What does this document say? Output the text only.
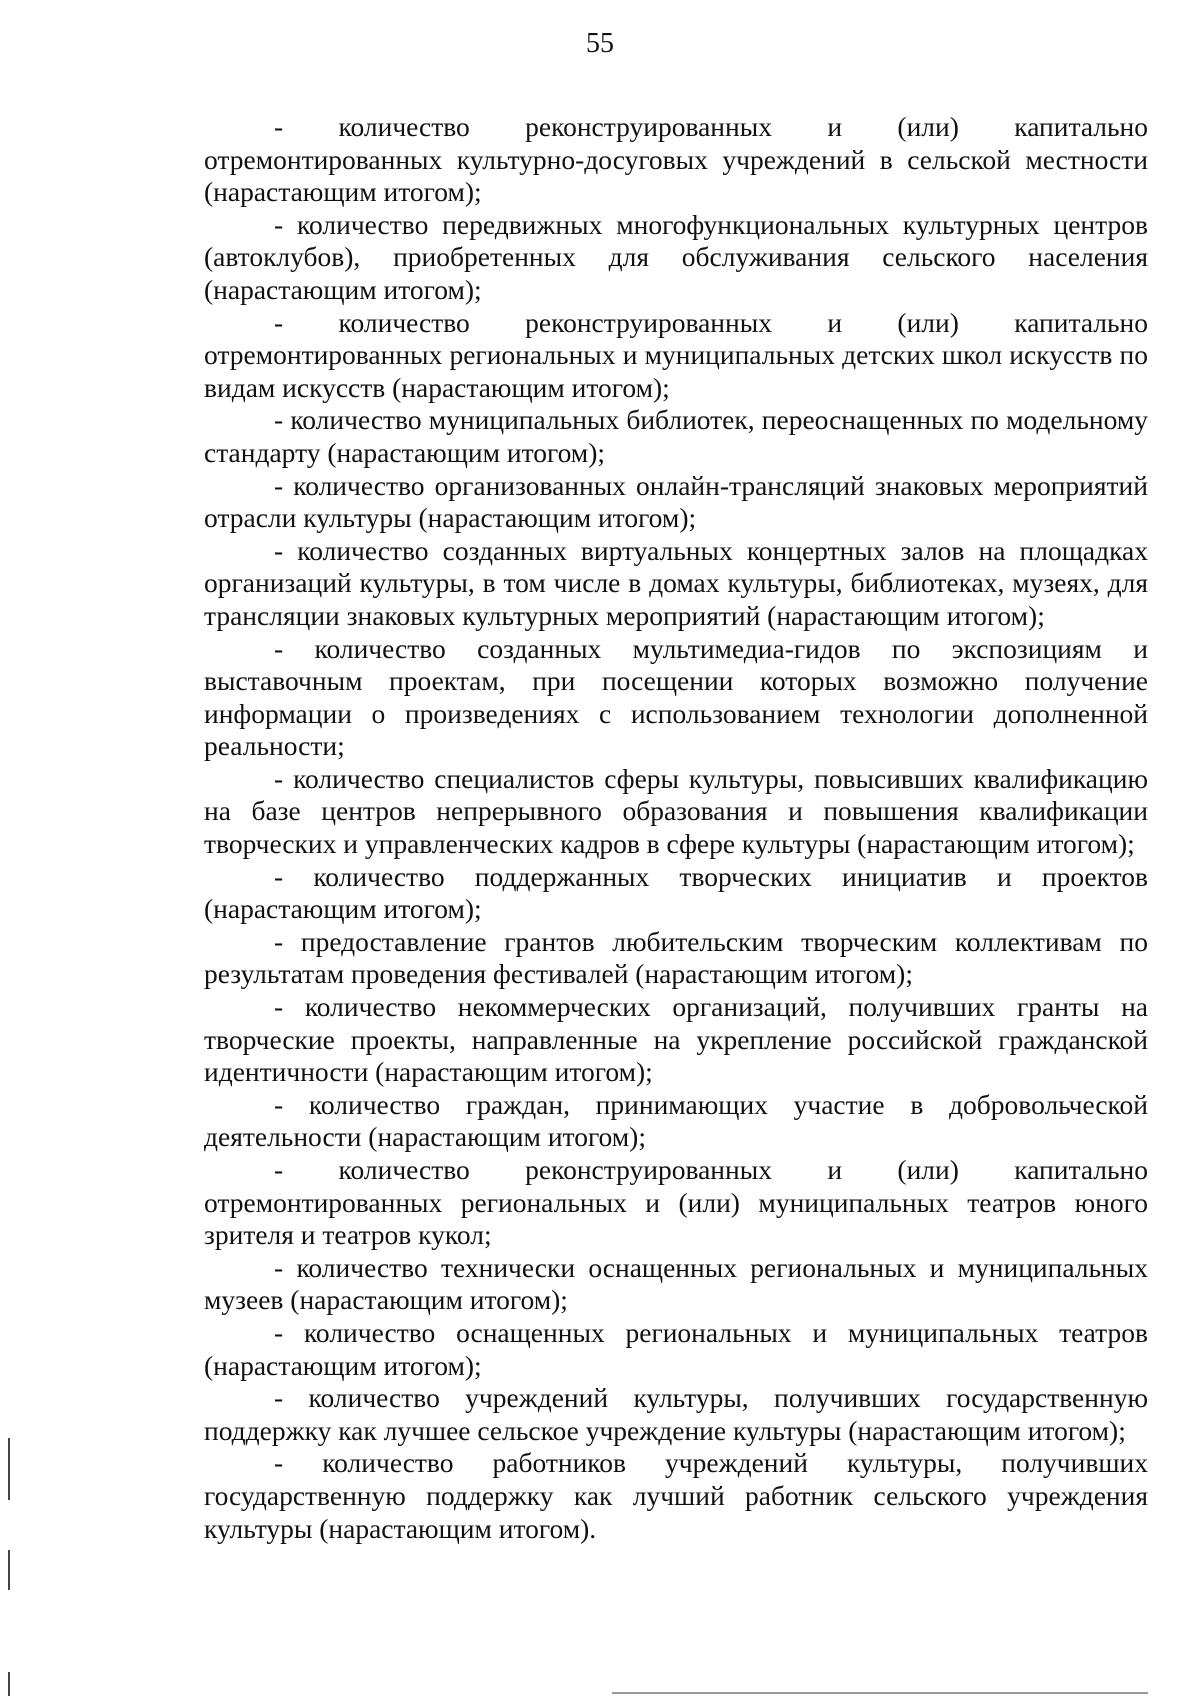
55

- количество реконструированных и (или) капитально отремонтированных культурно-досуговых учреждений в сельской местности (нарастающим итогом);

- количество передвижных многофункциональных культурных центров (автоклубов), приобретенных для обслуживания сельского населения (нарастающим итогом);

- количество реконструированных и (или) капитально отремонтированных региональных и муниципальных детских школ искусств по видам искусств (нарастающим итогом);

- количество муниципальных библиотек, переоснащенных по модельному стандарту (нарастающим итогом);

- количество организованных онлайн-трансляций знаковых мероприятий отрасли культуры (нарастающим итогом);

- количество созданных виртуальных концертных залов на площадках организаций культуры, в том числе в домах культуры, библиотеках, музеях, для трансляции знаковых культурных мероприятий (нарастающим итогом);

- количество созданных мультимедиа-гидов по экспозициям и выставочным проектам, при посещении которых возможно получение информации о произведениях с использованием технологии дополненной реальности;

- количество специалистов сферы культуры, повысивших квалификацию на базе центров непрерывного образования и повышения квалификации творческих и управленческих кадров в сфере культуры (нарастающим итогом);

- количество поддержанных творческих инициатив и проектов (нарастающим итогом);

- предоставление грантов любительским творческим коллективам по результатам проведения фестивалей (нарастающим итогом);

- количество некоммерческих организаций, получивших гранты на творческие проекты, направленные на укрепление российской гражданской идентичности (нарастающим итогом);

- количество граждан, принимающих участие в добровольческой деятельности (нарастающим итогом);

- количество реконструированных и (или) капитально отремонтированных региональных и (или) муниципальных театров юного зрителя и театров кукол;

- количество технически оснащенных региональных и муниципальных музеев (нарастающим итогом);

- количество оснащенных региональных и муниципальных театров (нарастающим итогом);

- количество учреждений культуры, получивших государственную поддержку как лучшее сельское учреждение культуры (нарастающим итогом);

- количество работников учреждений культуры, получивших государственную поддержку как лучший работник сельского учреждения культуры (нарастающим итогом).
